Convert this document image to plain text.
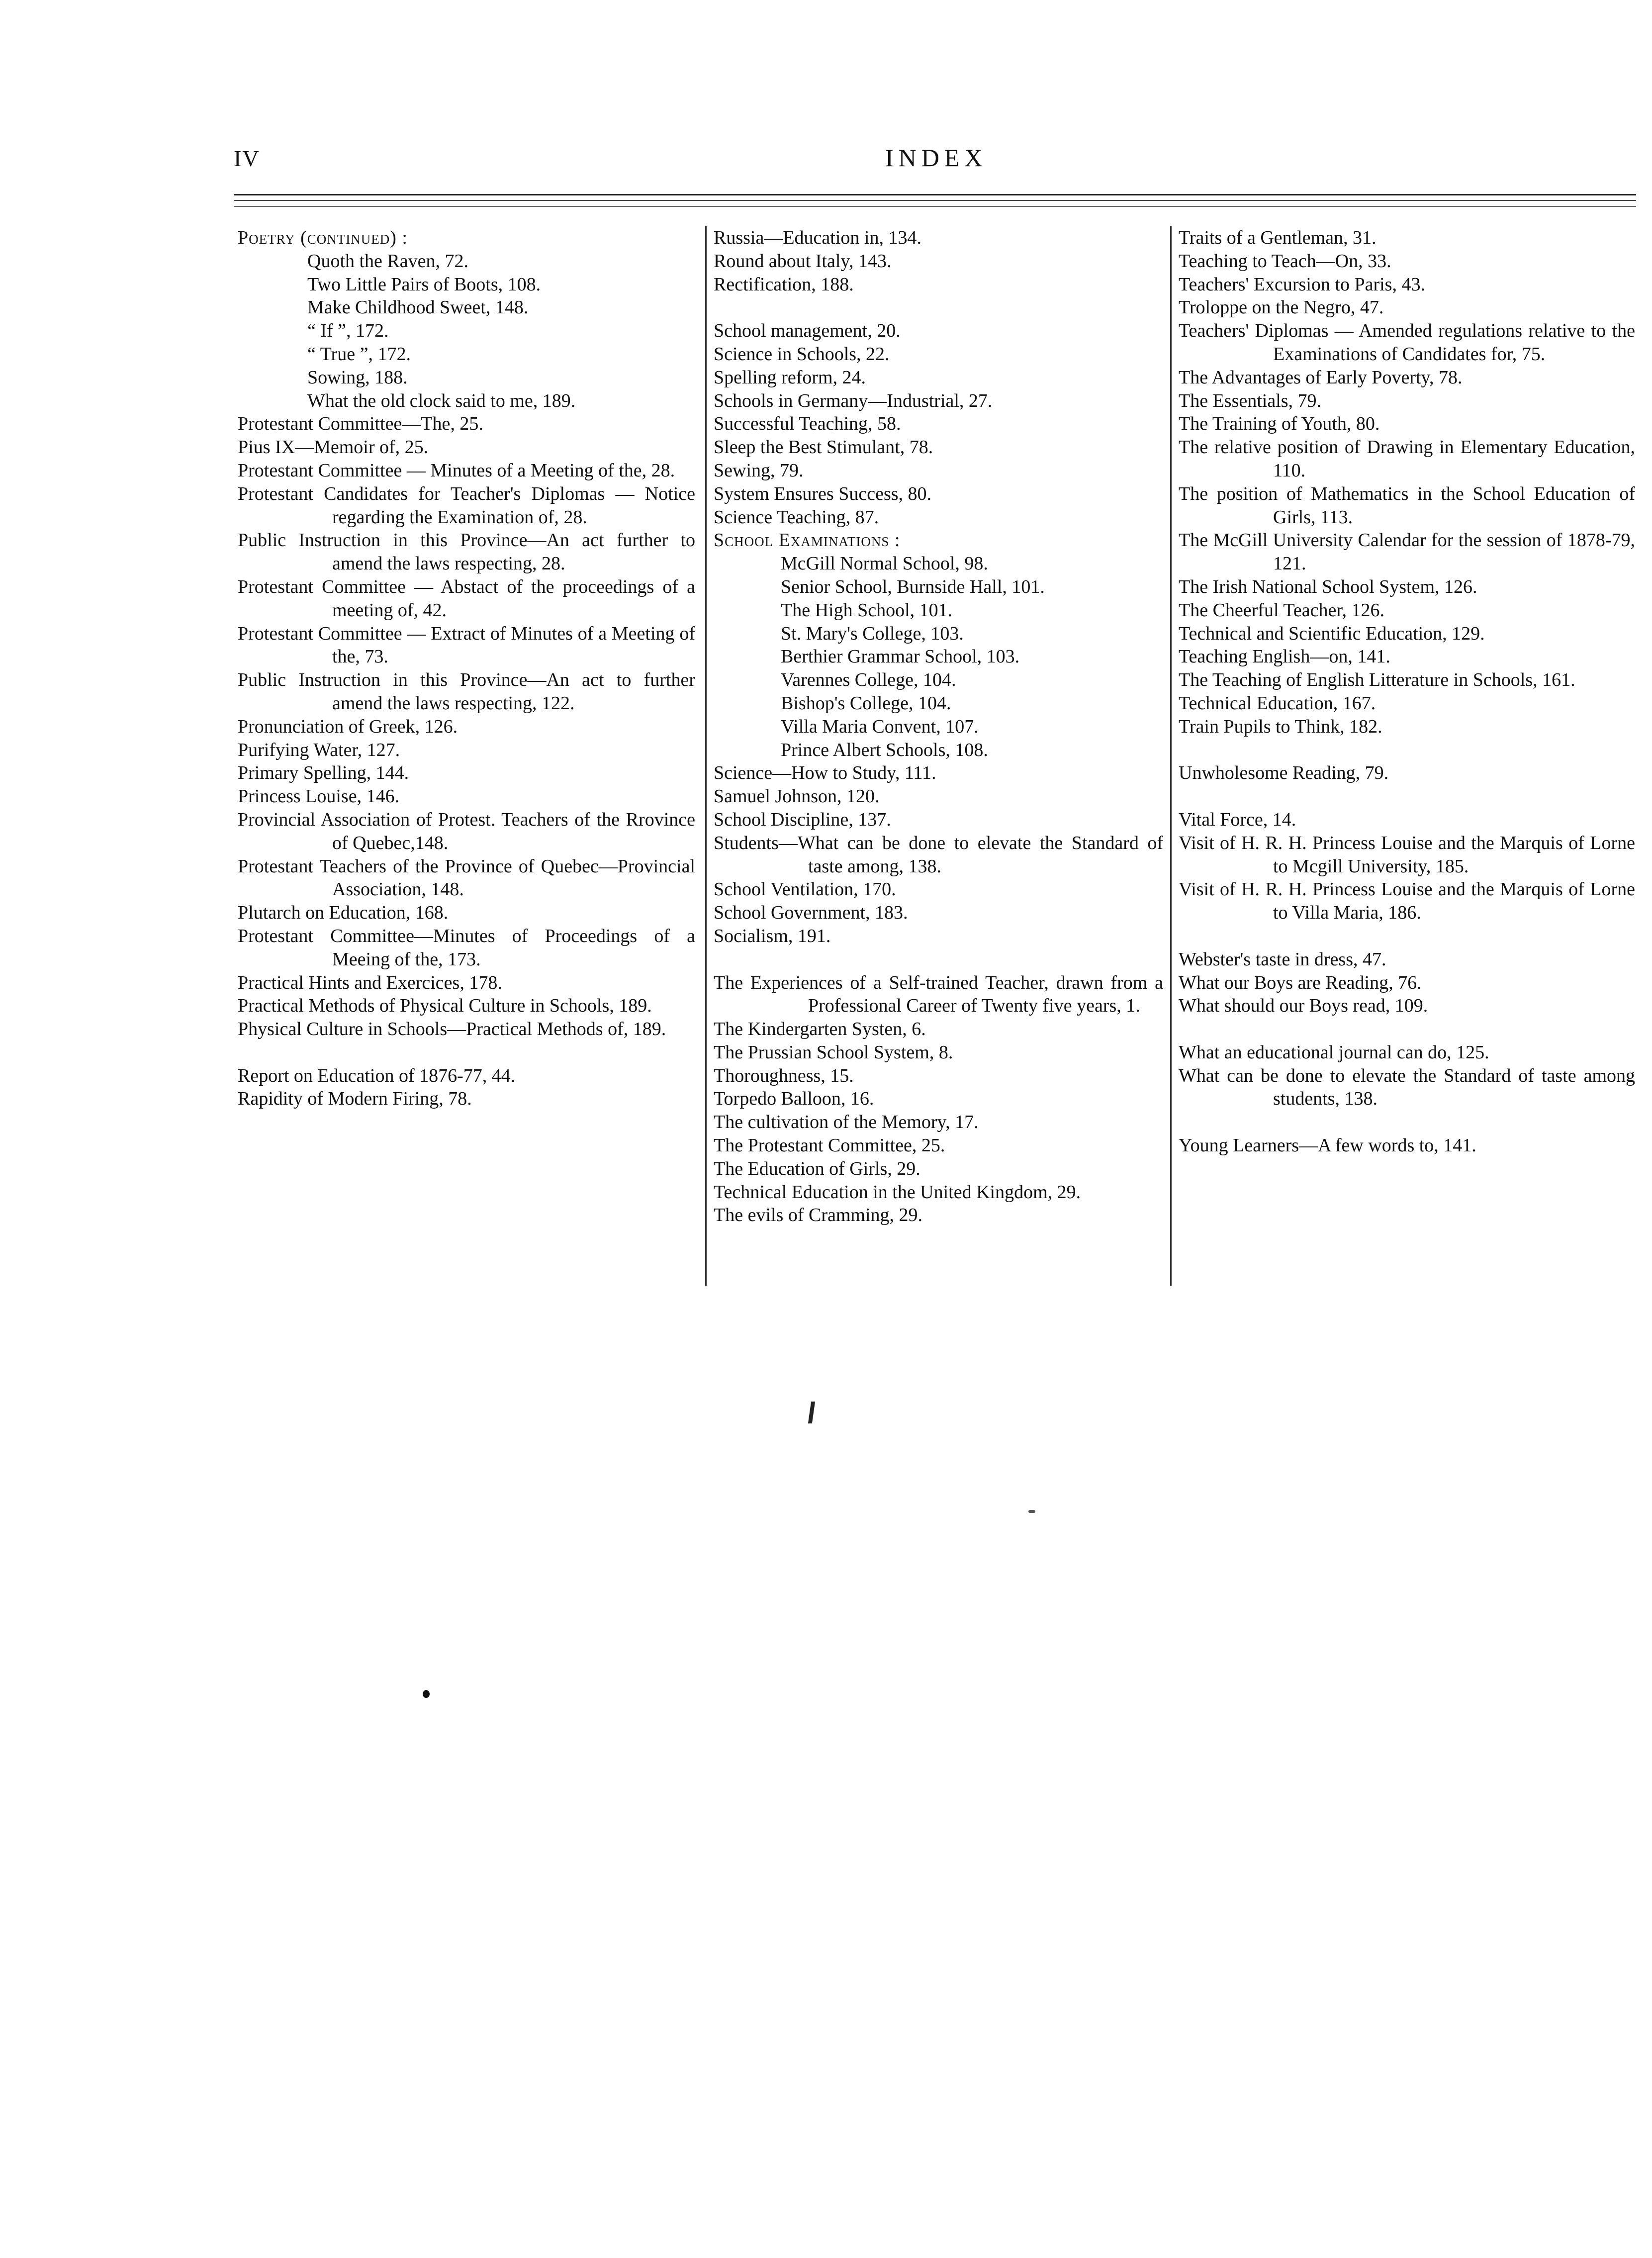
IV	INDEX
Poetry (continued) :
Quoth the Raven, 72.
Two Little Pairs of Boots, 108.
Make Childhood Sweet, 148.
“ If ”, 172.
“ True ”, 172.
Sowing, 188.
What the old clock said to me, 189.
Protestant Committee—The, 25.
Pius IX—Memoir of, 25.
Protestant Committee — Minutes of a Meeting of the, 28.
Protestant Candidates for Teacher's Diplomas — Notice regarding the Examination of, 28.
Public Instruction in this Province—An act further to amend the laws respecting, 28.
Protestant Committee — Abstact of the proceedings of a meeting of, 42.
Protestant Committee — Extract of Minutes of a Meeting of the, 73.
Public Instruction in this Province—An act to further amend the laws respecting, 122.
Pronunciation of Greek, 126.
Purifying Water, 127.
Primary Spelling, 144.
Princess Louise, 146.
Provincial Association of Protest. Teachers of the Rrovince of Quebec,148.
Protestant Teachers of the Province of Quebec—Provincial Association, 148.
Plutarch on Education, 168.
Protestant Committee—Minutes of Proceedings of a Meeing of the, 173.
Practical Hints and Exercices, 178.
Practical Methods of Physical Culture in Schools, 189.
Physical Culture in Schools—Practical Methods of, 189.
Report on Education of 1876-77, 44.
Rapidity of Modern Firing, 78.
Russia—Education in, 134.
Round about Italy, 143.
Rectification, 188.
School management, 20.
Science in Schools, 22.
Spelling reform, 24.
Schools in Germany—Industrial, 27.
Successful Teaching, 58.
Sleep the Best Stimulant, 78.
Sewing, 79.
System Ensures Success, 80.
Science Teaching, 87.
School Examinations :
McGill Normal School, 98.
Senior School, Burnside Hall, 101.
The High School, 101.
St. Mary's College, 103.
Berthier Grammar School, 103.
Varennes College, 104.
Bishop's College, 104.
Villa Maria Convent, 107.
Prince Albert Schools, 108.
Science—How to Study, 111.
Samuel Johnson, 120.
School Discipline, 137.
Students—What can be done to elevate the Standard of taste among, 138.
School Ventilation, 170.
School Government, 183.
Socialism, 191.
The Experiences of a Self-trained Teacher, drawn from a Professional Career of Twenty five years, 1.
The Kindergarten Systen, 6.
The Prussian School System, 8.
Thoroughness, 15.
Torpedo Balloon, 16.
The cultivation of the Memory, 17.
The Protestant Committee, 25.
The Education of Girls, 29.
Technical Education in the United Kingdom, 29.
The evils of Cramming, 29.
Traits of a Gentleman, 31.
Teaching to Teach—On, 33.
Teachers' Excursion to Paris, 43.
Troloppe on the Negro, 47.
Teachers' Diplomas — Amended regulations relative to the Examinations of Candidates for, 75.
The Advantages of Early Poverty, 78.
The Essentials, 79.
The Training of Youth, 80.
The relative position of Drawing in Elementary Education, 110.
The position of Mathematics in the School Education of Girls, 113.
The McGill University Calendar for the session of 1878-79, 121.
The Irish National School System, 126.
The Cheerful Teacher, 126.
Technical and Scientific Education, 129.
Teaching English—on, 141.
The Teaching of English Litterature in Schools, 161.
Technical Education, 167.
Train Pupils to Think, 182.
Unwholesome Reading, 79.
Vital Force, 14.
Visit of H. R. H. Princess Louise and the Marquis of Lorne to Mcgill University, 185.
Visit of H. R. H. Princess Louise and the Marquis of Lorne to Villa Maria, 186.
Webster's taste in dress, 47.
What our Boys are Reading, 76.
What should our Boys read, 109.
What an educational journal can do, 125.
What can be done to elevate the Standard of taste among students, 138.
Young Learners—A few words to, 141.
